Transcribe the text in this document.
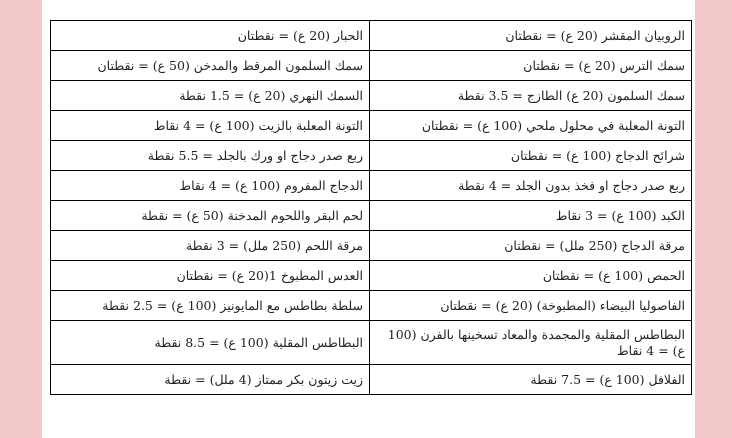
الروبيان المقشر (20 ع) = نقطتان	الحبار (20 ع) = نقطتان
سمك الترس (20 ع) = نقطتان	سمك السلمون المرقط والمدخن (50 ع) = نقطتان
سمك السلمون (20 ع) الطازج = 3.5 نقطة	السمك النهري (20 ع) = 1.5 نقطة
التونة المعلبة في محلول ملحي (100 ع) = نقطتان	التونة المعلبة بالزيت (100 ع) = 4 نقاط
شرائح الدجاج (100 ع) = نقطتان	ربع صدر دجاج او ورك بالجلد = 5.5 نقطة
ربع صدر دجاج او فخذ بدون الجلد = 4 نقطة	الدجاج المفروم (100 ع) = 4 نقاط
الكبد (100 ع) = 3 نقاط	لحم البقر واللحوم المدخنة (50 ع) = نقطة
مرقة الدجاج (250 ملل) = نقطتان	مرقة اللحم (250 ملل) = 3 نقطة
الحمص (100 ع) = نقطتان	العدس المطبوخ 1(20 ع) = نقطتان
الفاصوليا البيضاء (المطبوخة) (20 ع) = نقطتان	سلطة بطاطس مع المايونيز (100 ع) = 2.5 نقطة
البطاطس المقلية والمجمدة والمعاد تسخينها بالفرن (100 ع) = 4 نقاط	البطاطس المقلية (100 ع) = 8.5 نقطة
الفلافل (100 ع) = 7.5 نقطة	زيت زيتون بكر ممتاز (4 ملل) = نقطة
